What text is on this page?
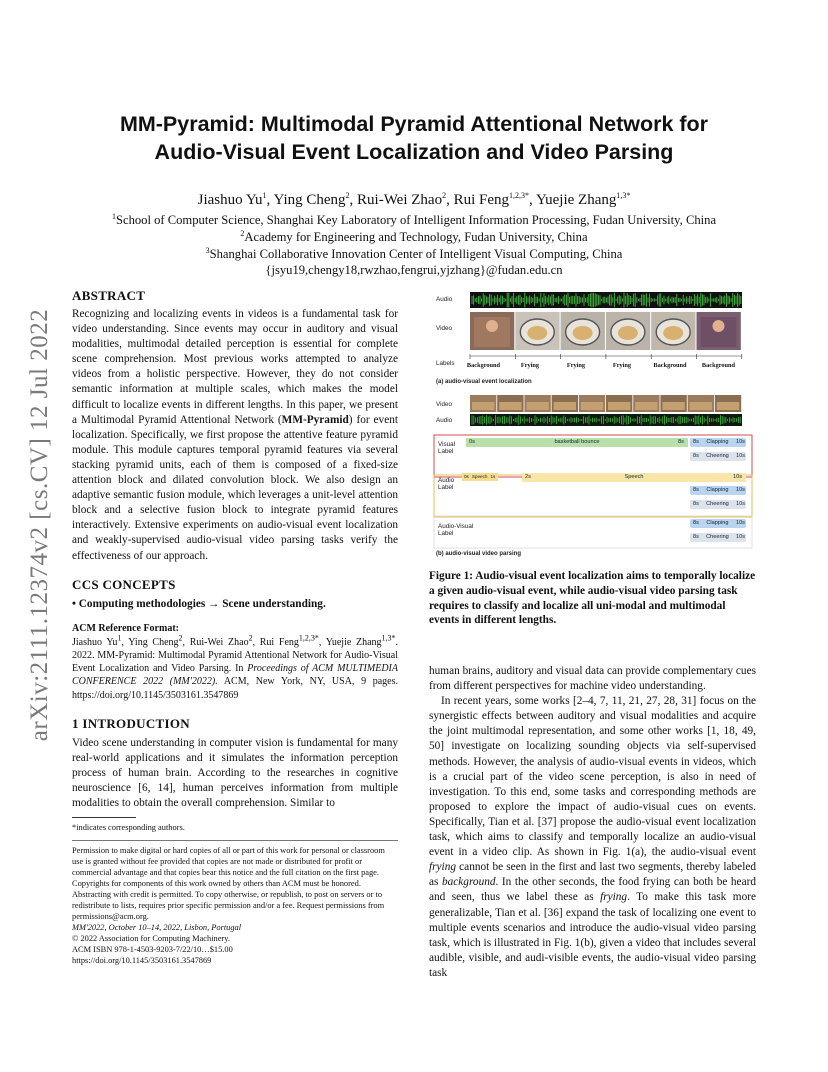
arXiv:2111.12374v2 [cs.CV] 12 Jul 2022
MM-Pyramid: Multimodal Pyramid Attentional Network for
Audio-Visual Event Localization and Video Parsing
Jiashuo Yu$^1$, Ying Cheng$^2$, Rui-Wei Zhao$^2$, Rui Feng$^{1,2,3*}$, Yuejie Zhang$^{1,3*}$
$^1$School of Computer Science, Shanghai Key Laboratory of Intelligent Information Processing, Fudan University, China
$^2$Academy for Engineering and Technology, Fudan University, China
$^3$Shanghai Collaborative Innovation Center of Intelligent Visual Computing, China
{jsyu19,chengy18,rwzhao,fengrui,yjzhang}@fudan.edu.cn
ABSTRACT

Recognizing and localizing events in videos is a fundamental task for video understanding. Since events may occur in auditory and visual modalities, multimodal detailed perception is essential for complete scene comprehension. Most previous works attempted to analyze videos from a holistic perspective. However, they do not consider semantic information at multiple scales, which makes the model difficult to localize events in different lengths. In this paper, we present a Multimodal Pyramid Attentional Network (MM-Pyramid) for event localization. Specifically, we first propose the attentive feature pyramid module. This module captures temporal pyramid features via several stacking pyramid units, each of them is composed of a fixed-size attention block and dilated convolution block. We also design an adaptive semantic fusion module, which leverages a unit-level attention block and a selective fusion block to integrate pyramid features interactively. Extensive experiments on audio-visual event localization and weakly-supervised audio-visual video parsing tasks verify the effectiveness of our approach.

CCS CONCEPTS
• Computing methodologies → Scene understanding.
ACM Reference Format:

Jiashuo Yu$^1$, Ying Cheng$^2$, Rui-Wei Zhao$^2$, Rui Feng$^{1,2,3*}$, Yuejie Zhang$^{1,3*}$. 2022. MM-Pyramid: Multimodal Pyramid Attentional Network for Audio-Visual Event Localization and Video Parsing. In Proceedings of ACM MULTIMEDIA CONFERENCE 2022 (MM'2022). ACM, New York, NY, USA, 9 pages. https://doi.org/10.1145/3503161.3547869

1 INTRODUCTION

Video scene understanding in computer vision is fundamental for many real-world applications and it simulates the information perception process of human brain. According to the researches in cognitive neuroscience [6, 14], human perceives information from multiple modalities to obtain the overall comprehension. Similar to

*indicates corresponding authors.

Permission to make digital or hard copies of all or part of this work for personal or classroom use is granted without fee provided that copies are not made or distributed for profit or commercial advantage and that copies bear this notice and the full citation on the first page. Copyrights for components of this work owned by others than ACM must be honored. Abstracting with credit is permitted. To copy otherwise, or republish, to post on servers or to redistribute to lists, requires prior specific permission and/or a fee. Request permissions from permissions@acm.org.

MM'2022, October 10–14, 2022, Lisbon, Portugal

© 2022 Association for Computing Machinery.

ACM ISBN 978-1-4503-9203-7/22/10…$15.00

https://doi.org/10.1145/3503161.3547869

Audio
Video
Labels
(a) audio-visual event localization
Video
Audio
Visual Label
Audio Label
Audio-Visual Label
0s	basketball bounce	8s 8s Clapping 10s
8s Cheering 10s
0s Speech 1s	2s	Speech	10s
8s Clapping 10s
8s Cheering 10s
8s Clapping 10s
8s Cheering 10s
(b) audio-visual video parsing
Background	Frying	Frying	Frying	Background	Background
Figure 1: Audio-visual event localization aims to temporally localize a given audio-visual event, while audio-visual video parsing task requires to classify and localize all uni-modal and multimodal events in different lengths.

human brains, auditory and visual data can provide complementary cues from different perspectives for machine video understanding.

In recent years, some works [2–4, 7, 11, 21, 27, 28, 31] focus on the synergistic effects between auditory and visual modalities and acquire the joint multimodal representation, and some other works [1, 18, 49, 50] investigate on localizing sounding objects via self-supervised methods. However, the analysis of audio-visual events in videos, which is a crucial part of the video scene perception, is also in need of investigation. To this end, some tasks and corresponding methods are proposed to explore the impact of audio-visual cues on events. Specifically, Tian et al. [37] propose the audio-visual event localization task, which aims to classify and temporally localize an audio-visual event in a video clip. As shown in Fig. 1(a), the audio-visual event frying cannot be seen in the first and last two segments, thereby labeled as background. In the other seconds, the food frying can both be heard and seen, thus we label these as frying. To make this task more generalizable, Tian et al. [36] expand the task of localizing one event to multiple events scenarios and introduce the audio-visual video parsing task, which is illustrated in Fig. 1(b), given a video that includes several audible, visible, and audi-visible events, the audio-visual video parsing task
